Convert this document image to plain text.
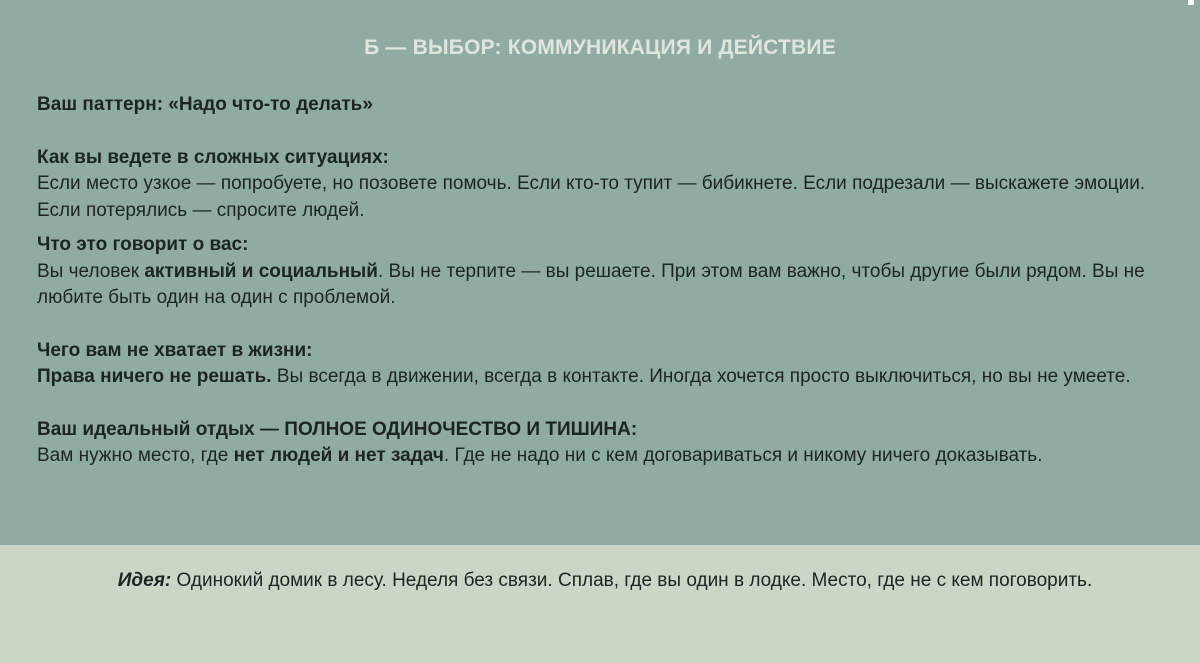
Б — ВЫБОР: КОММУНИКАЦИЯ И ДЕЙСТВИЕ

Ваш паттерн: «Надо что-то делать»

Как вы ведете в сложных ситуациях:

Если место узкое — попробуете, но позовете помочь. Если кто-то тупит — бибикнете. Если подрезали — выскажете эмоции. Если потерялись — спросите людей.

Что это говорит о вас:

Вы человек активный и социальный. Вы не терпите — вы решаете. При этом вам важно, чтобы другие были рядом. Вы не любите быть один на один с проблемой.

Чего вам не хватает в жизни:

Права ничего не решать. Вы всегда в движении, всегда в контакте. Иногда хочется просто выключиться, но вы не умеете.

Ваш идеальный отдых — ПОЛНОЕ ОДИНОЧЕСТВО И ТИШИНА:

Вам нужно место, где нет людей и нет задач. Где не надо ни с кем договариваться и никому ничего доказывать.

Идея: Одинокий домик в лесу. Неделя без связи. Сплав, где вы один в лодке. Место, где не с кем поговорить.
